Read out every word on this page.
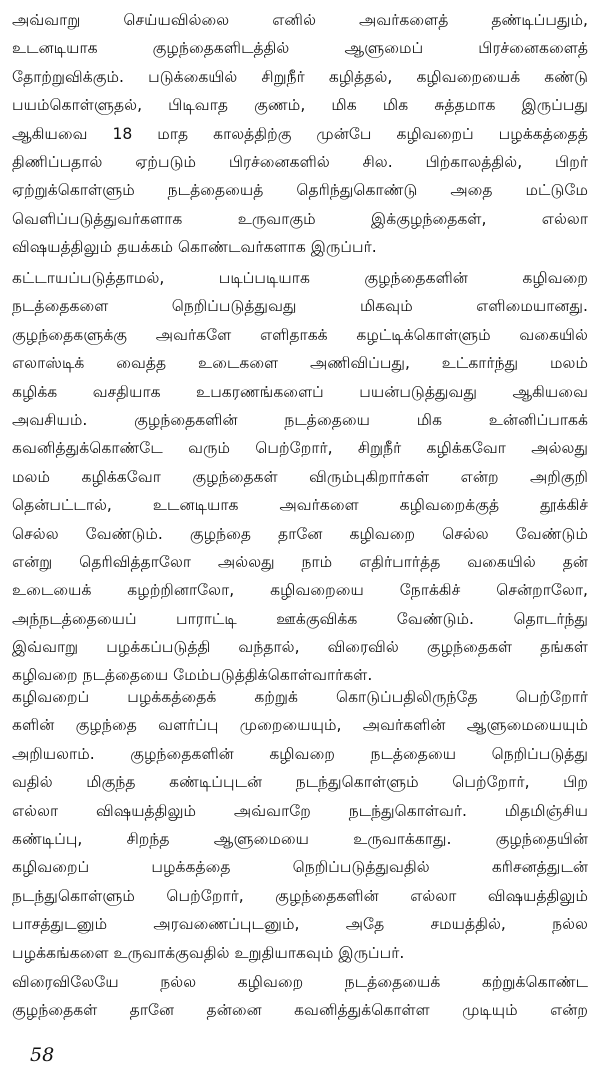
அவ்வாறு செய்யவில்லை எனில் அவர்களைத் தண்டிப்பதும்,
உடனடியாக குழந்தைகளிடத்தில் ஆளுமைப் பிரச்னைகளைத்
தோற்றுவிக்கும். படுக்கையில் சிறுநீர் கழித்தல், கழிவறையைக் கண்டு
பயம்கொள்ளுதல், பிடிவாத குணம், மிக மிக சுத்தமாக இருப்பது
ஆகியவை 18 மாத காலத்திற்கு முன்பே கழிவறைப் பழக்கத்தைத்
திணிப்பதால் ஏற்படும் பிரச்னைகளில் சில. பிற்காலத்தில், பிறர்
ஏற்றுக்கொள்ளும் நடத்தையைத் தெரிந்துகொண்டு அதை மட்டுமே
வெளிப்படுத்துவர்களாக உருவாகும் இக்குழந்தைகள், எல்லா
விஷயத்திலும் தயக்கம் கொண்டவர்களாக இருப்பர்.
கட்டாயப்படுத்தாமல், படிப்படியாக குழந்தைகளின் கழிவறை
நடத்தைகளை நெறிப்படுத்துவது மிகவும் எளிமையானது.
குழந்தைகளுக்கு அவர்களே எளிதாகக் கழட்டிக்கொள்ளும் வகையில்
எலாஸ்டிக் வைத்த உடைகளை அணிவிப்பது, உட்கார்ந்து மலம்
கழிக்க வசதியாக உபகரணங்களைப் பயன்படுத்துவது ஆகியவை
அவசியம். குழந்தைகளின் நடத்தையை மிக உன்னிப்பாகக்
கவனித்துக்கொண்டே வரும் பெற்றோர், சிறுநீர் கழிக்கவோ அல்லது
மலம் கழிக்கவோ குழந்தைகள் விரும்புகிறார்கள் என்ற அறிகுறி
தென்பட்டால், உடனடியாக அவர்களை கழிவறைக்குத் தூக்கிச்
செல்ல வேண்டும். குழந்தை தானே கழிவறை செல்ல வேண்டும்
என்று தெரிவித்தாலோ அல்லது நாம் எதிர்பார்த்த வகையில் தன்
உடையைக் கழற்றினாலோ, கழிவறையை நோக்கிச் சென்றாலோ,
அந்நடத்தையைப் பாராட்டி ஊக்குவிக்க வேண்டும். தொடர்ந்து
இவ்வாறு பழக்கப்படுத்தி வந்தால், விரைவில் குழந்தைகள் தங்கள்
கழிவறை நடத்தையை மேம்படுத்திக்கொள்வார்கள்.
கழிவறைப் பழக்கத்தைக் கற்றுக் கொடுப்பதிலிருந்தே பெற்றோர்
களின் குழந்தை வளர்ப்பு முறையையும், அவர்களின் ஆளுமையையும்
அறியலாம். குழந்தைகளின் கழிவறை நடத்தையை நெறிப்படுத்து
வதில் மிகுந்த கண்டிப்புடன் நடந்துகொள்ளும் பெற்றோர், பிற
எல்லா விஷயத்திலும் அவ்வாறே நடந்துகொள்வர். மிதமிஞ்சிய
கண்டிப்பு, சிறந்த ஆளுமையை உருவாக்காது. குழந்தையின்
கழிவறைப் பழக்கத்தை நெறிப்படுத்துவதில் கரிசனத்துடன்
நடந்துகொள்ளும் பெற்றோர், குழந்தைகளின் எல்லா விஷயத்திலும்
பாசத்துடனும் அரவணைப்புடனும், அதே சமயத்தில், நல்ல
பழக்கங்களை உருவாக்குவதில் உறுதியாகவும் இருப்பர்.
விரைவிலேயே நல்ல கழிவறை நடத்தையைக் கற்றுக்கொண்ட
குழந்தைகள் தானே தன்னை கவனித்துக்கொள்ள முடியும் என்ற

58
